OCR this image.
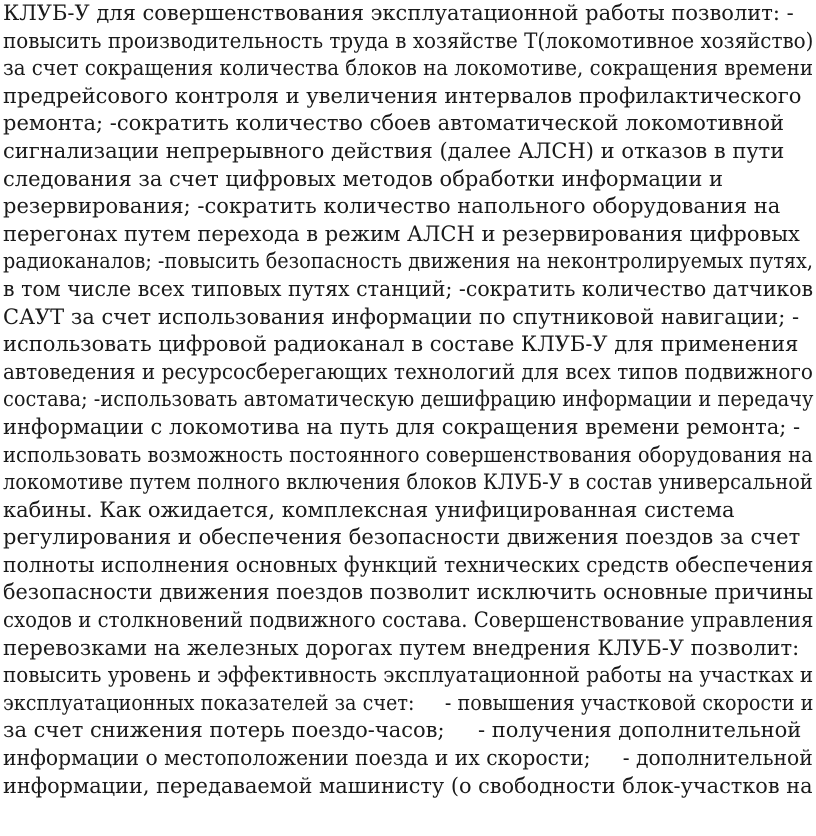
КЛУБ-У для совершенствования эксплуатационной работы позволит: -
повысить производительность труда в хозяйстве Т(локомотивное хозяйство)
за счет сокращения количества блоков на локомотиве, сокращения времени
предрейсового контроля и увеличения интервалов профилактического
ремонта; -сократить количество сбоев автоматической локомотивной
сигнализации непрерывного действия (далее АЛСН) и отказов в пути
следования за счет цифровых методов обработки информации и
резервирования; -сократить количество напольного оборудования на
перегонах путем перехода в режим АЛСН и резервирования цифровых
радиоканалов; -повысить безопасность движения на неконтролируемых путях,
в том числе всех типовых путях станций; -сократить количество датчиков
САУТ за счет использования информации по спутниковой навигации; -
использовать цифровой радиоканал в составе КЛУБ-У для применения
автоведения и ресурсосберегающих технологий для всех типов подвижного
состава; -использовать автоматическую дешифрацию информации и передачу
информации с локомотива на путь для сокращения времени ремонта; -
использовать возможность постоянного совершенствования оборудования на
локомотиве путем полного включения блоков КЛУБ-У в состав универсальной
кабины. Как ожидается, комплексная унифицированная система
регулирования и обеспечения безопасности движения поездов за счет
полноты исполнения основных функций технических средств обеспечения
безопасности движения поездов позволит исключить основные причины
сходов и столкновений подвижного состава. Совершенствование управления
перевозками на железных дорогах путем внедрения КЛУБ-У позволит:
повысить уровень и эффективность эксплуатационной работы на участках и
эксплуатационных показателей за счет:     - повышения участковой скорости и
за счет снижения потерь поездо-часов;     - получения дополнительной
информации о местоположении поезда и их скорости;     - дополнительной
информации, передаваемой машинисту (о свободности блок-участков на
